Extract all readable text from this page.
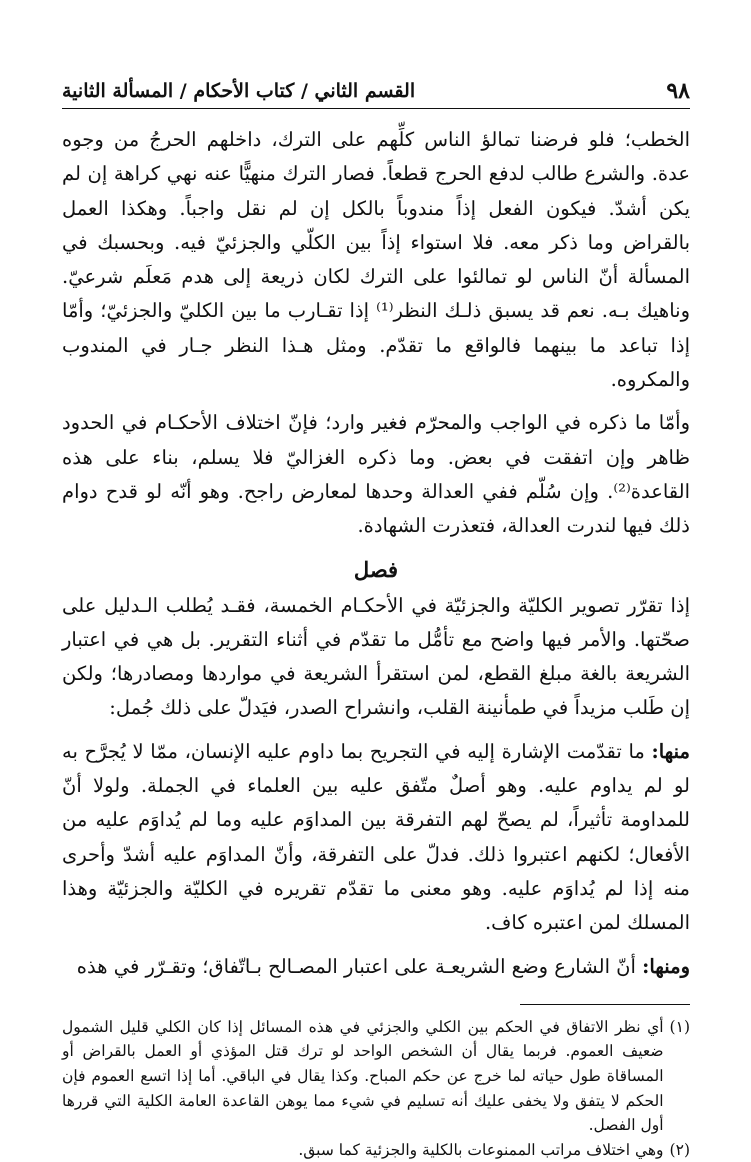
٩٨
القسم الثاني / كتاب الأحكام / المسألة الثانية

الخطب؛ فلو فرضنا تمالؤ الناس كلِّهم على الترك، داخلهم الحرجُ من وجوه عدة. والشرع طالب لدفع الحرج قطعاً. فصار الترك منهيًّا عنه نهي كراهة إن لم يكن أشدّ. فيكون الفعل إذاً مندوباً بالكل إن لم نقل واجباً. وهكذا العمل بالقراض وما ذكر معه. فلا استواء إذاً بين الكلّي والجزئيّ فيه. وبحسبك في المسألة أنّ الناس لو تمالئوا على الترك لكان ذريعة إلى هدم مَعلَم شرعيّ. وناهيك بـه. نعم قد يسبق ذلـك النظر⁽¹⁾ إذا تقـارب ما بين الكليّ والجزئيّ؛ وأمّا إذا تباعد ما بينهما فالواقع ما تقدّم. ومثل هـذا النظر جـار في المندوب والمكروه.

وأمّا ما ذكره في الواجب والمحرّم فغير وارد؛ فإنّ اختلاف الأحكـام في الحدود ظاهر وإن اتفقت في بعض. وما ذكره الغزاليّ فلا يسلم، بناء على هذه القاعدة⁽²⁾. وإن سُلّم ففي العدالة وحدها لمعارض راجح. وهو أنّه لو قدح دوام ذلك فيها لندرت العدالة، فتعذرت الشهادة.

فصل

إذا تقرّر تصوير الكليّة والجزئيّة في الأحكـام الخمسة، فقـد يُطلب الـدليل على صحّتها. والأمر فيها واضح مع تأمُّل ما تقدّم في أثناء التقرير. بل هي في اعتبار الشريعة بالغة مبلغ القطع، لمن استقرأ الشريعة في مواردها ومصادرها؛ ولكن إن طَلب مزيداً في طمأنينة القلب، وانشراح الصدر، فيَدلّ على ذلك جُمل:

منها: ما تقدّمت الإشارة إليه في التجريح بما داوم عليه الإنسان، ممّا لا يُجرَّح به لو لم يداوم عليه. وهو أصلٌ متّفق عليه بين العلماء في الجملة. ولولا أنّ للمداومة تأثيراً، لم يصحّ لهم التفرقة بين المداوَم عليه وما لم يُداوَم عليه من الأفعال؛ لكنهم اعتبروا ذلك. فدلّ على التفرقة، وأنّ المداوَم عليه أشدّ وأحرى منه إذا لم يُداوَم عليه. وهو معنى ما تقدّم تقريره في الكليّة والجزئيّة وهذا المسلك لمن اعتبره كاف.

ومنها: أنّ الشارع وضع الشريعـة على اعتبار المصـالح بـاتّفاق؛ وتقـرّر في هذه

(١)
أي نظر الاتفاق في الحكم بين الكلي والجزئي في هذه المسائل إذا كان الكلي قليل الشمول ضعيف العموم. فربما يقال أن الشخص الواحد لو ترك قتل المؤذي أو العمل بالقراض أو المساقاة طول حياته لما خرج عن حكم المباح. وكذا يقال في الباقي. أما إذا اتسع العموم فإن الحكم لا يتفق ولا يخفى عليك أنه تسليم في شيء مما يوهن القاعدة العامة الكلية التي قررها أول الفصل.
(٢)
وهي اختلاف مراتب الممنوعات بالكلية والجزئية كما سبق.
